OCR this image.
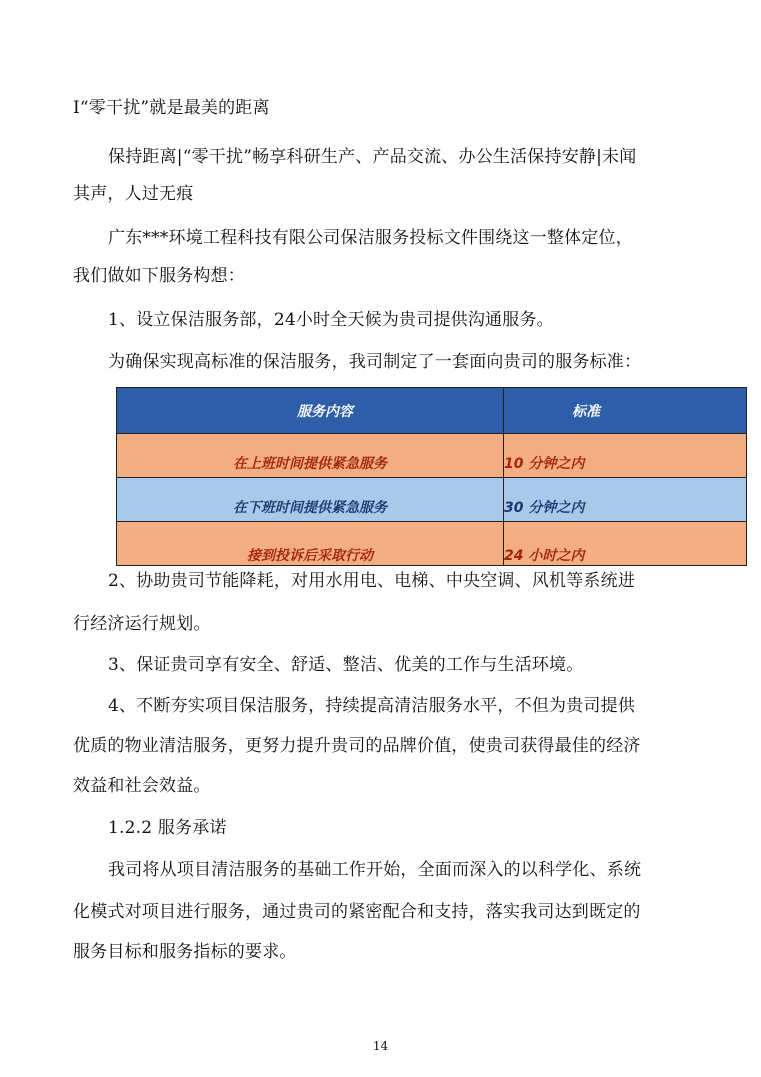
I“零干扰”就是最美的距离
保持距离|“零干扰”畅享科研生产、产品交流、办公生活保持安静|未闻
其声，人过无痕
广东***环境工程科技有限公司保洁服务投标文件围绕这一整体定位，
我们做如下服务构想：
1、设立保洁服务部，24小时全天候为贵司提供沟通服务。
为确保实现高标准的保洁服务，我司制定了一套面向贵司的服务标准：
服务内容	标准

在上班时间提供紧急服务	10 分钟之内

在下班时间提供紧急服务	30 分钟之内

接到投诉后采取行动	24 小时之内
2、协助贵司节能降耗，对用水用电、电梯、中央空调、风机等系统进
行经济运行规划。
3、保证贵司享有安全、舒适、整洁、优美的工作与生活环境。
4、不断夯实项目保洁服务，持续提高清洁服务水平，不但为贵司提供
优质的物业清洁服务，更努力提升贵司的品牌价值，使贵司获得最佳的经济
效益和社会效益。
1.2.2 服务承诺
我司将从项目清洁服务的基础工作开始，全面而深入的以科学化、系统
化模式对项目进行服务，通过贵司的紧密配合和支持，落实我司达到既定的
服务目标和服务指标的要求。
14
